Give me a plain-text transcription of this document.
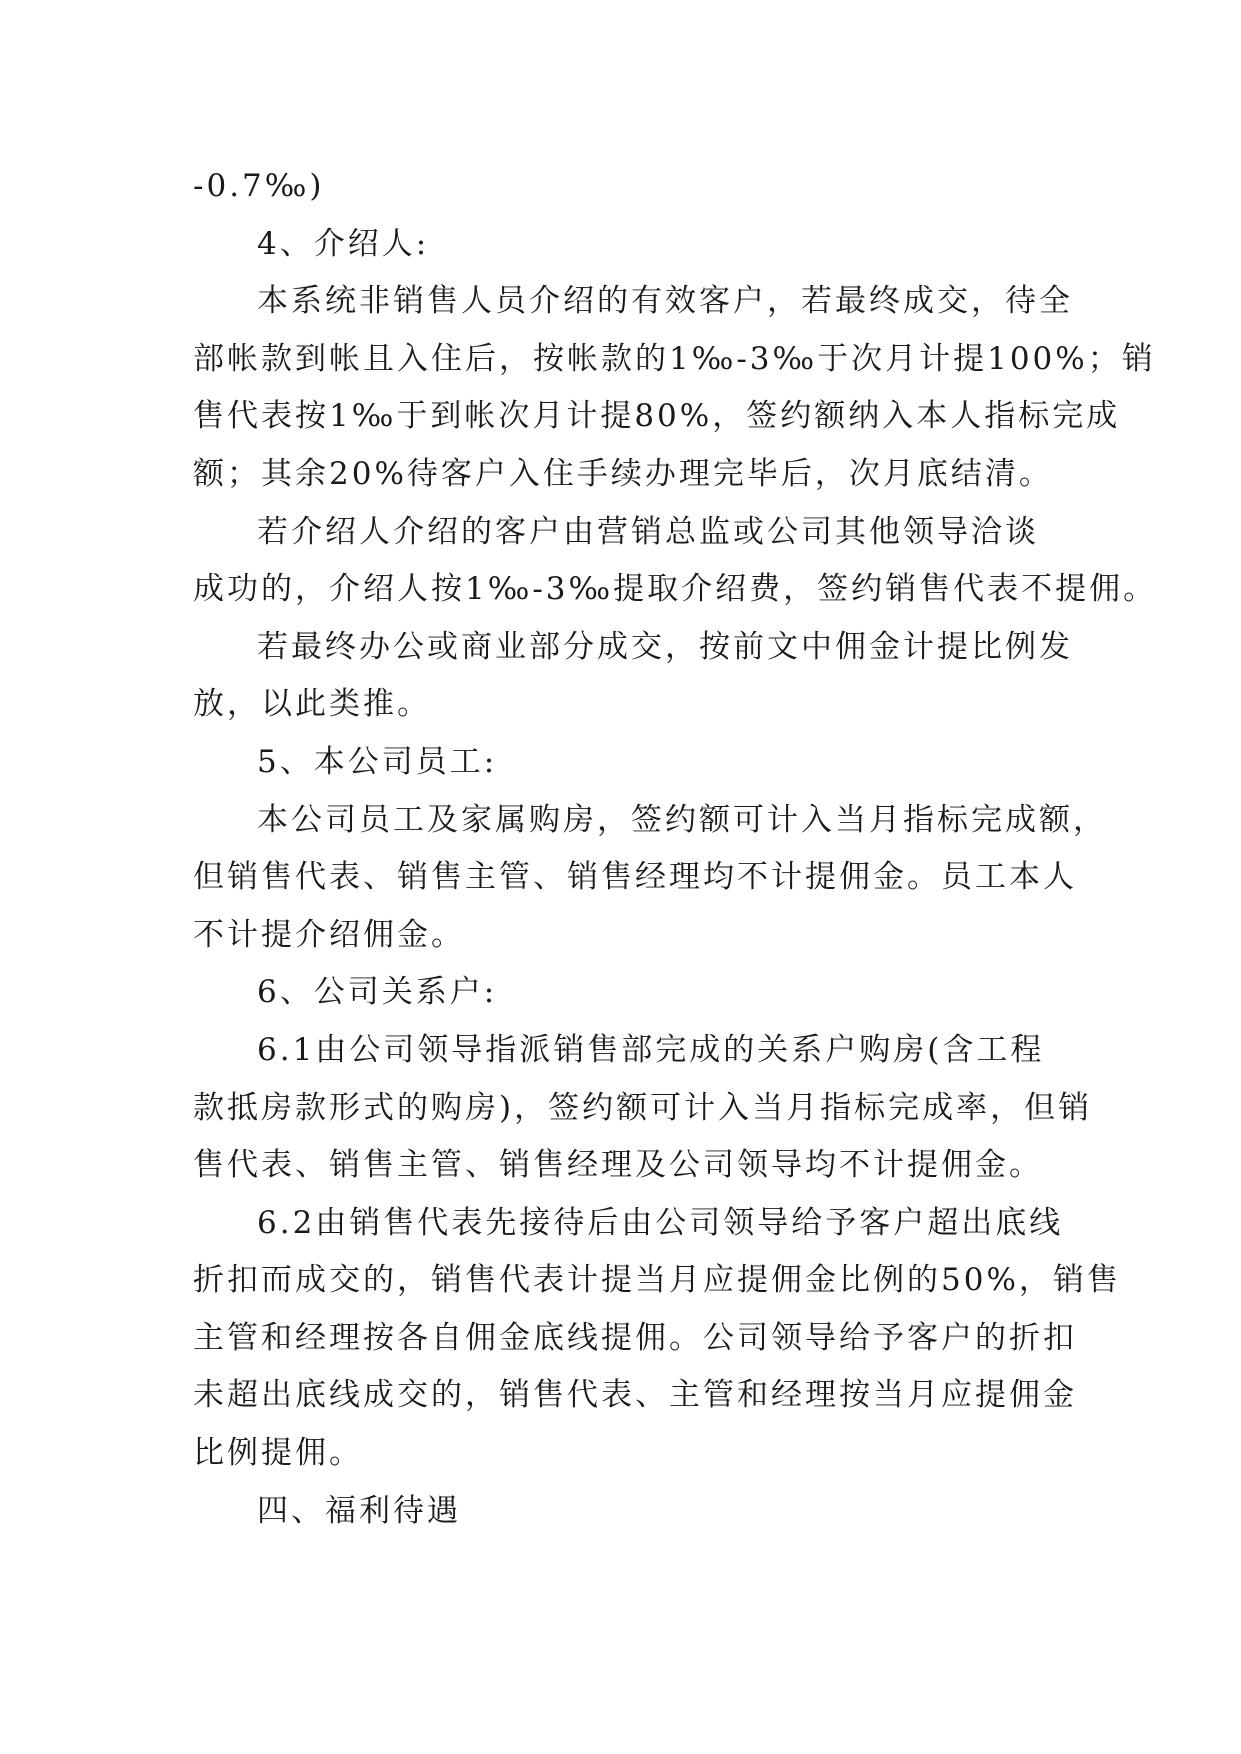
-0.7‰)
4、介绍人:
本系统非销售人员介绍的有效客户，若最终成交，待全
部帐款到帐且入住后，按帐款的1‰-3‰于次月计提100%；销
售代表按1‰于到帐次月计提80%，签约额纳入本人指标完成
额；其余20%待客户入住手续办理完毕后，次月底结清。
若介绍人介绍的客户由营销总监或公司其他领导洽谈
成功的，介绍人按1‰-3‰提取介绍费，签约销售代表不提佣。
若最终办公或商业部分成交，按前文中佣金计提比例发
放，以此类推。
5、本公司员工:
本公司员工及家属购房，签约额可计入当月指标完成额，
但销售代表、销售主管、销售经理均不计提佣金。员工本人
不计提介绍佣金。
6、公司关系户:
6.1由公司领导指派销售部完成的关系户购房(含工程
款抵房款形式的购房)，签约额可计入当月指标完成率，但销
售代表、销售主管、销售经理及公司领导均不计提佣金。
6.2由销售代表先接待后由公司领导给予客户超出底线
折扣而成交的，销售代表计提当月应提佣金比例的50%，销售
主管和经理按各自佣金底线提佣。公司领导给予客户的折扣
未超出底线成交的，销售代表、主管和经理按当月应提佣金
比例提佣。
四、福利待遇
